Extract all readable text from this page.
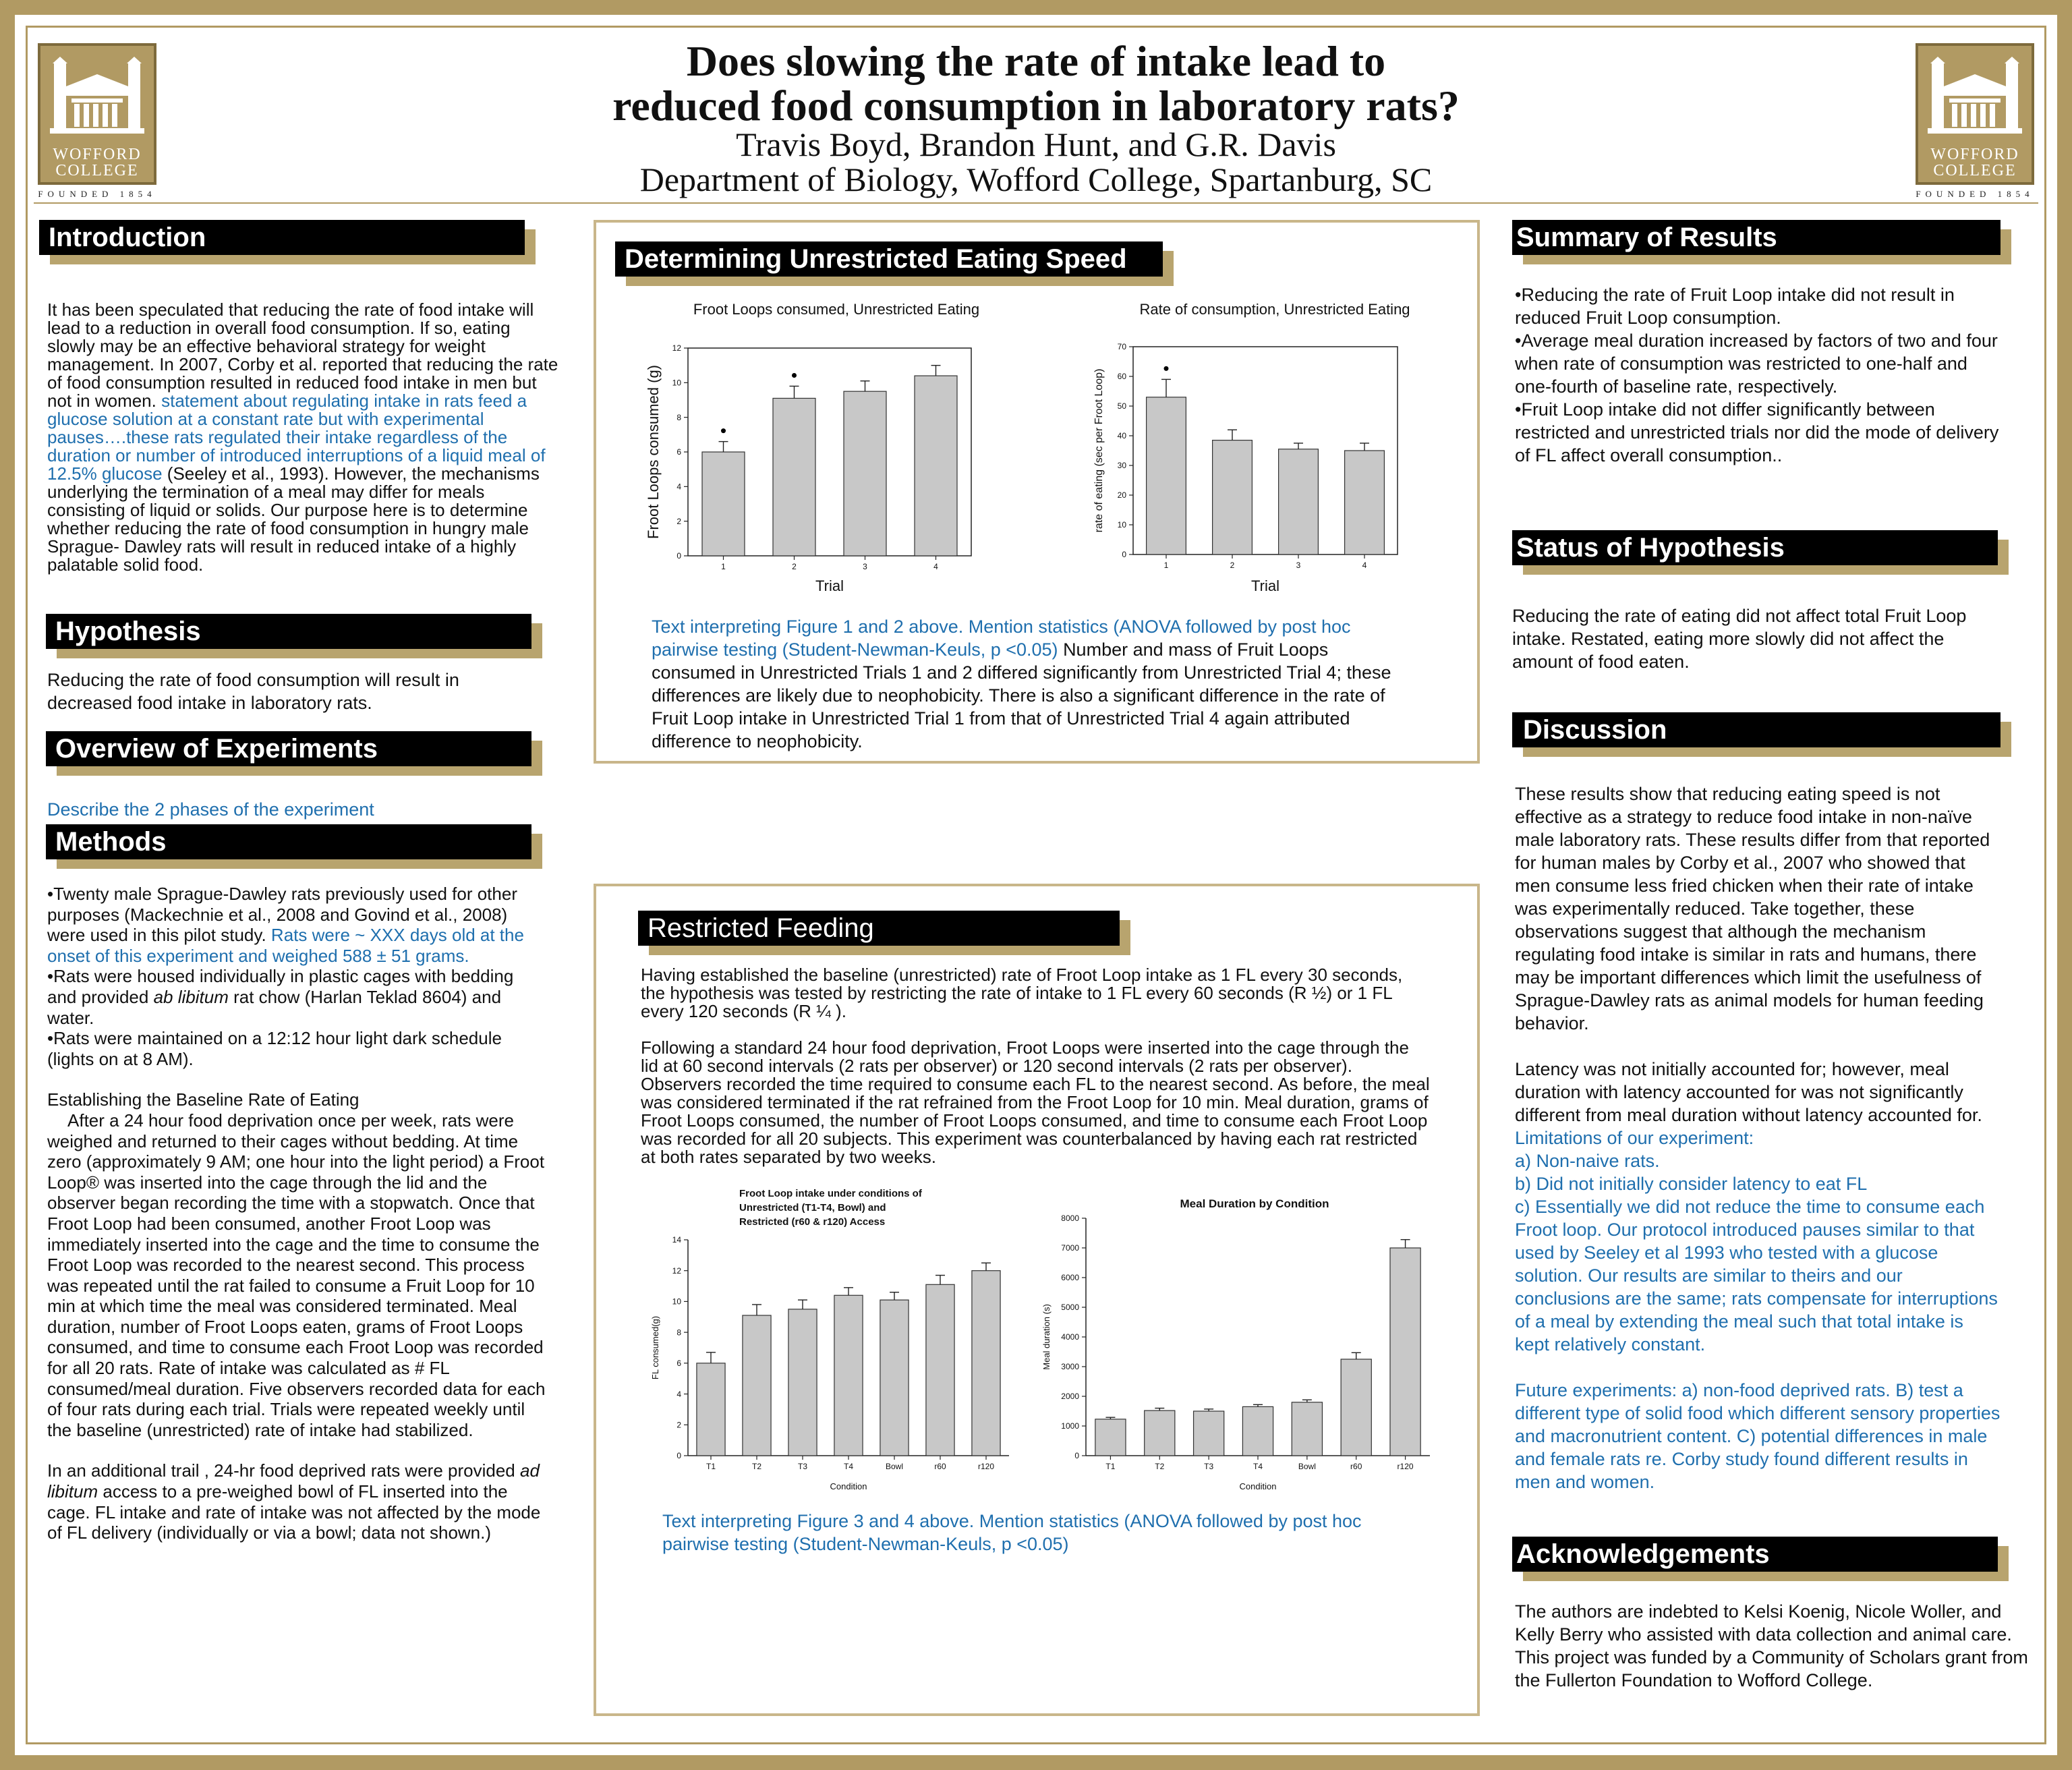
WOFFORD
COLLEGE
FOUNDED 1854
WOFFORD
COLLEGE
FOUNDED 1854
Does slowing the rate of intake lead to
reduced food consumption in laboratory rats?
Travis Boyd, Brandon Hunt, and G.R. Davis
Department of Biology, Wofford College, Spartanburg, SC
Introduction
It has been speculated that reducing the rate of food intake will lead to a reduction in overall food consumption. If so, eating slowly may be an effective behavioral strategy for weight management. In 2007, Corby et al. reported that reducing the rate of food consumption resulted in reduced food intake in men but not in women. statement about regulating intake in rats feed a glucose solution at a constant rate but with experimental pauses….these rats regulated their intake regardless of the duration or number of introduced interruptions of a liquid meal of 12.5% glucose (Seeley et al., 1993). However, the mechanisms underlying the termination of a meal may differ for meals consisting of liquid or solids. Our purpose here is to determine whether reducing the rate of food consumption in hungry male Sprague- Dawley rats will result in reduced intake of a highly palatable solid food.
Hypothesis
Reducing the rate of food consumption will result in decreased food intake in laboratory rats.
Overview of Experiments
Describe the 2 phases of the experiment
Methods

•Twenty male Sprague-Dawley rats previously used for other purposes (Mackechnie et al., 2008 and Govind et al., 2008) were used in this pilot study. Rats were ~ XXX days old at the onset of this experiment and weighed 588 ± 51 grams.

•Rats were housed individually in plastic cages with bedding and provided ab libitum rat chow (Harlan Teklad 8604) and water.

•Rats were maintained on a 12:12 hour light dark schedule (lights on at 8 AM).

Establishing the Baseline Rate of Eating

After a 24 hour food deprivation once per week, rats were weighed and returned to their cages without bedding. At time zero (approximately 9 AM; one hour into the light period) a Froot Loop® was inserted into the cage through the lid and the observer began recording the time with a stopwatch. Once that Froot Loop had been consumed, another Froot Loop was immediately inserted into the cage and the time to consume the Froot Loop was recorded to the nearest second. This process was repeated until the rat failed to consume a Fruit Loop for 10 min at which time the meal was considered terminated. Meal duration, number of Froot Loops eaten, grams of Froot Loops consumed, and time to consume each Froot Loop was recorded for all 20 rats. Rate of intake was calculated as # FL consumed/meal duration. Five observers recorded data for each of four rats during each trial. Trials were repeated weekly until the baseline (unrestricted) rate of intake had stabilized.

In an additional trail , 24-hr food deprived rats were provided ad libitum access to a pre-weighed bowl of FL inserted into the cage. FL intake and rate of intake was not affected by the mode of FL delivery (individually or via a bowl; data not shown.)

Determining Unrestricted Eating Speed
Froot Loops consumed, Unrestricted Eating
0
2
4
6
8
10
12
1	2	3	4
Trial
Froot Loops consumed (g)
Rate of consumption, Unrestricted Eating
0
10
20
30
40
50
60
70
1	2	3	4
Trial
rate of eating (sec per Froot Loop)
Text interpreting Figure 1 and 2 above. Mention statistics (ANOVA followed by post hoc pairwise testing (Student-Newman-Keuls, p <0.05) Number and mass of Fruit Loops consumed in Unrestricted Trials 1 and 2 differed significantly from Unrestricted Trial 4; these differences are likely due to neophobicity. There is also a significant difference in the rate of Fruit Loop intake in Unrestricted Trial 1 from that of Unrestricted Trial 4 again attributed difference to neophobicity.
Restricted Feeding

Having established the baseline (unrestricted) rate of Froot Loop intake as 1 FL every 30 seconds, the hypothesis was tested by restricting the rate of intake to 1 FL every 60 seconds (R ½) or 1 FL every 120 seconds (R ¼ ).

Following a standard 24 hour food deprivation, Froot Loops were inserted into the cage through the lid at 60 second intervals (2 rats per observer) or 120 second intervals (2 rats per observer). Observers recorded the time required to consume each FL to the nearest second. As before, the meal was considered terminated if the rat refrained from the Froot Loop for 10 min. Meal duration, grams of Froot Loops consumed, the number of Froot Loops consumed, and time to consume each Froot Loop was recorded for all 20 subjects. This experiment was counterbalanced by having each rat restricted at both rates separated by two weeks.

Froot Loop intake under conditions of
Unrestricted (T1-T4, Bowl) and
Restricted (r60 & r120) Access
0
2
4
6
8
10
12
14
T1	T2	T3	T4	Bowl	r60	r120
Condition
FL consumed(g)
Meal Duration by Condition
0
1000
2000
3000
4000
5000
6000
7000
8000
T1	T2	T3	T4	Bowl	r60	r120
Condition
Meal duration (s)
Text interpreting Figure 3 and 4 above. Mention statistics (ANOVA followed by post hoc pairwise testing (Student-Newman-Keuls, p <0.05)
Summary of Results

•Reducing the rate of Fruit Loop intake did not result in reduced Fruit Loop consumption.

•Average meal duration increased by factors of two and four when rate of consumption was restricted to one-half and one-fourth of baseline rate, respectively.

•Fruit Loop intake did not differ significantly between restricted and unrestricted trials nor did the mode of delivery of FL affect overall consumption..

Status of Hypothesis
Reducing the rate of eating did not affect total Fruit Loop intake. Restated, eating more slowly did not affect the amount of food eaten.
Discussion

These results show that reducing eating speed is not effective as a strategy to reduce food intake in non-naïve male laboratory rats. These results differ from that reported for human males by Corby et al., 2007 who showed that men consume less fried chicken when their rate of intake was experimentally reduced. Take together, these observations suggest that although the mechanism regulating food intake is similar in rats and humans, there may be important differences which limit the usefulness of Sprague-Dawley rats as animal models for human feeding behavior.

Latency was not initially accounted for; however, meal duration with latency accounted for was not significantly different from meal duration without latency accounted for.

Limitations of our experiment:

a) Non-naive rats.

b) Did not initially consider latency to eat FL

c) Essentially we did not reduce the time to consume each Froot loop. Our protocol introduced pauses similar to that used by Seeley et al 1993 who tested with a glucose solution. Our results are similar to theirs and our conclusions are the same; rats compensate for interruptions of a meal by extending the meal such that total intake is kept relatively constant.

Future experiments: a) non-food deprived rats. B) test a different type of solid food which different sensory properties and macronutrient content. C) potential differences in male and female rats re. Corby study found different results in men and women.

Acknowledgements
The authors are indebted to Kelsi Koenig, Nicole Woller, and Kelly Berry who assisted with data collection and animal care. This project was funded by a Community of Scholars grant from the Fullerton Foundation to Wofford College.
